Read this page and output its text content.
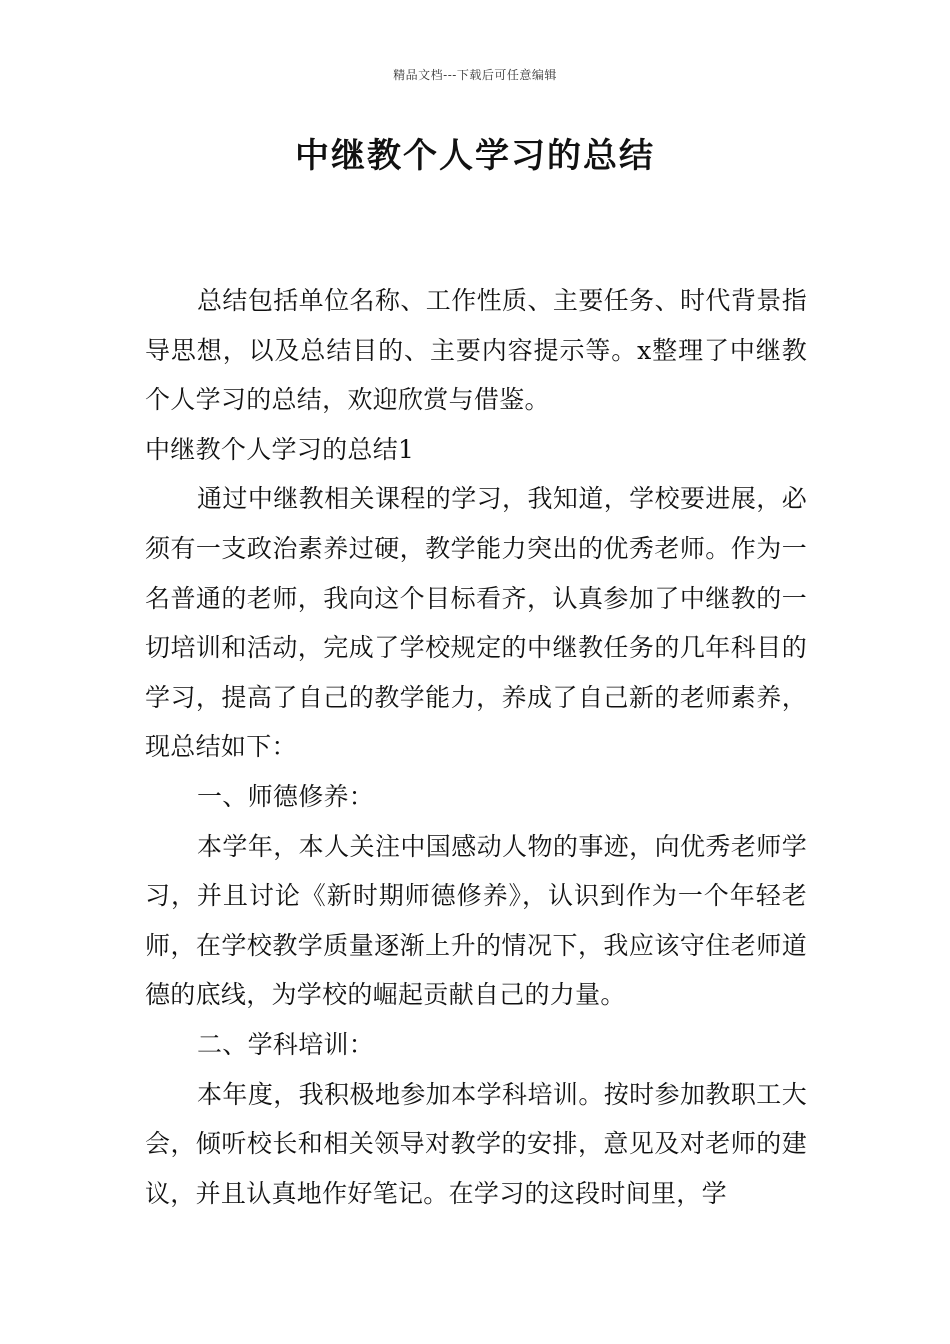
精品文档---下载后可任意编辑
中继教个人学习的总结

总结包括单位名称、工作性质、主要任务、时代背景指导思想，以及总结目的、主要内容提示等。x整理了中继教个人学习的总结，欢迎欣赏与借鉴。

中继教个人学习的总结1

通过中继教相关课程的学习，我知道，学校要进展，必须有一支政治素养过硬，教学能力突出的优秀老师。作为一名普通的老师，我向这个目标看齐，认真参加了中继教的一切培训和活动，完成了学校规定的中继教任务的几年科目的学习，提高了自己的教学能力，养成了自己新的老师素养，现总结如下：

一、师德修养：

本学年，本人关注中国感动人物的事迹，向优秀老师学习，并且讨论《新时期师德修养》，认识到作为一个年轻老师，在学校教学质量逐渐上升的情况下，我应该守住老师道德的底线，为学校的崛起贡献自己的力量。

二、学科培训：

本年度，我积极地参加本学科培训。按时参加教职工大会，倾听校长和相关领导对教学的安排，意见及对老师的建议，并且认真地作好笔记。在学习的这段时间里，学
